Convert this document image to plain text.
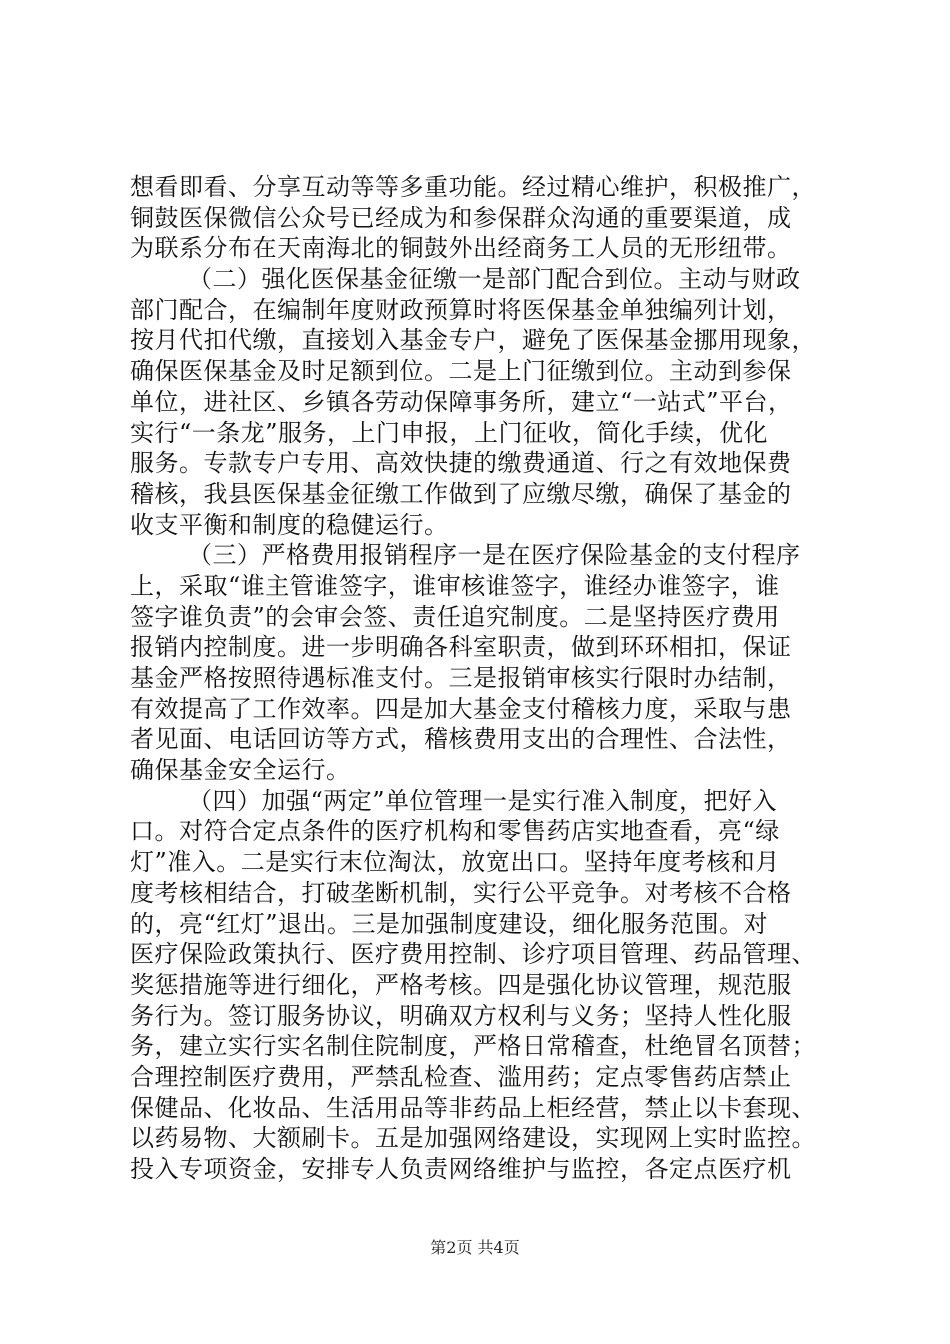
想看即看、分享互动等等多重功能。经过精心维护，积极推广，
铜鼓医保微信公众号已经成为和参保群众沟通的重要渠道，成
为联系分布在天南海北的铜鼓外出经商务工人员的无形纽带。
（二）强化医保基金征缴一是部门配合到位。主动与财政
部门配合，在编制年度财政预算时将医保基金单独编列计划，
按月代扣代缴，直接划入基金专户，避免了医保基金挪用现象，
确保医保基金及时足额到位。二是上门征缴到位。主动到参保
单位，进社区、乡镇各劳动保障事务所，建立“一站式”平台，
实行“一条龙”服务，上门申报，上门征收，简化手续，优化
服务。专款专户专用、高效快捷的缴费通道、行之有效地保费
稽核，我县医保基金征缴工作做到了应缴尽缴，确保了基金的
收支平衡和制度的稳健运行。
（三）严格费用报销程序一是在医疗保险基金的支付程序
上，采取“谁主管谁签字，谁审核谁签字，谁经办谁签字，谁
签字谁负责”的会审会签、责任追究制度。二是坚持医疗费用
报销内控制度。进一步明确各科室职责，做到环环相扣，保证
基金严格按照待遇标准支付。三是报销审核实行限时办结制，
有效提高了工作效率。四是加大基金支付稽核力度，采取与患
者见面、电话回访等方式，稽核费用支出的合理性、合法性，
确保基金安全运行。
（四）加强“两定”单位管理一是实行准入制度，把好入
口。对符合定点条件的医疗机构和零售药店实地查看，亮“绿
灯”准入。二是实行末位淘汰，放宽出口。坚持年度考核和月
度考核相结合，打破垄断机制，实行公平竞争。对考核不合格
的，亮“红灯”退出。三是加强制度建设，细化服务范围。对
医疗保险政策执行、医疗费用控制、诊疗项目管理、药品管理、
奖惩措施等进行细化，严格考核。四是强化协议管理，规范服
务行为。签订服务协议，明确双方权利与义务；坚持人性化服
务，建立实行实名制住院制度，严格日常稽查，杜绝冒名顶替；
合理控制医疗费用，严禁乱检查、滥用药；定点零售药店禁止
保健品、化妆品、生活用品等非药品上柜经营，禁止以卡套现、
以药易物、大额刷卡。五是加强网络建设，实现网上实时监控。
投入专项资金，安排专人负责网络维护与监控，各定点医疗机
第2页 共4页
